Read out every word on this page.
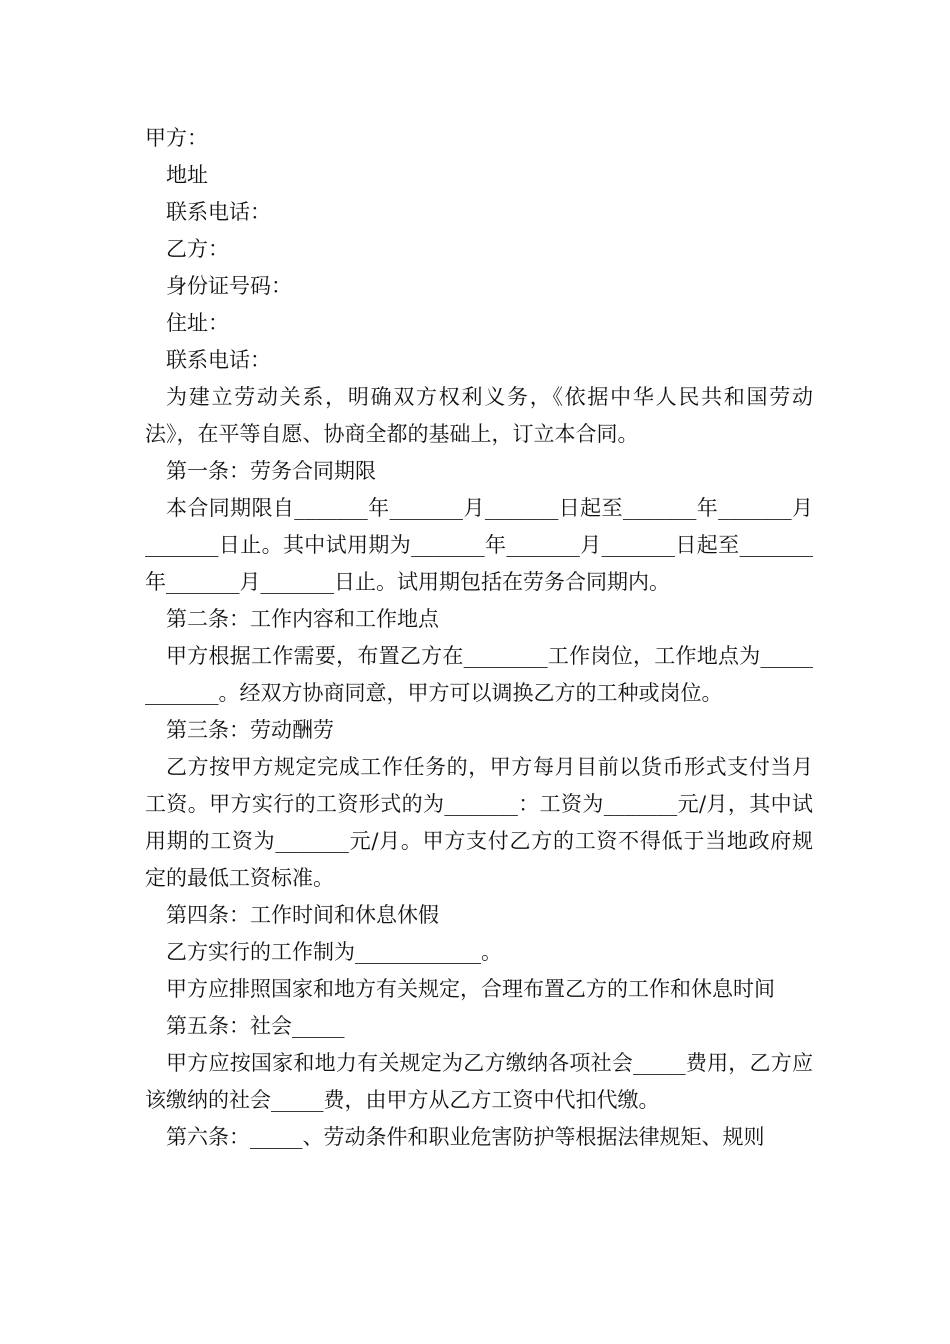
甲方：

地址

联系电话：

乙方：

身份证号码：

住址：

联系电话：

为建立劳动关系，明确双方权利义务，《依据中华人民共和国劳动法》，在平等自愿、协商全都的基础上，订立本合同。

第一条：劳务合同期限

本合同期限自_______年_______月_______日起至_______年_______月_______日止。其中试用期为_______年_______月_______日起至_______年_______月_______日止。试用期包括在劳务合同期内。

第二条：工作内容和工作地点

甲方根据工作需要，布置乙方在________工作岗位，工作地点为____________。经双方协商同意，甲方可以调换乙方的工种或岗位。

第三条：劳动酬劳

乙方按甲方规定完成工作任务的，甲方每月目前以货币形式支付当月工资。甲方实行的工资形式的为_______：工资为_______元/月，其中试用期的工资为_______元/月。甲方支付乙方的工资不得低于当地政府规定的最低工资标准。

第四条：工作时间和休息休假

乙方实行的工作制为____________。

甲方应排照国家和地方有关规定，合理布置乙方的工作和休息时间

第五条：社会_____

甲方应按国家和地力有关规定为乙方缴纳各项社会_____费用，乙方应该缴纳的社会_____费，由甲方从乙方工资中代扣代缴。

第六条：_____、劳动条件和职业危害防护等根据法律规矩、规则
